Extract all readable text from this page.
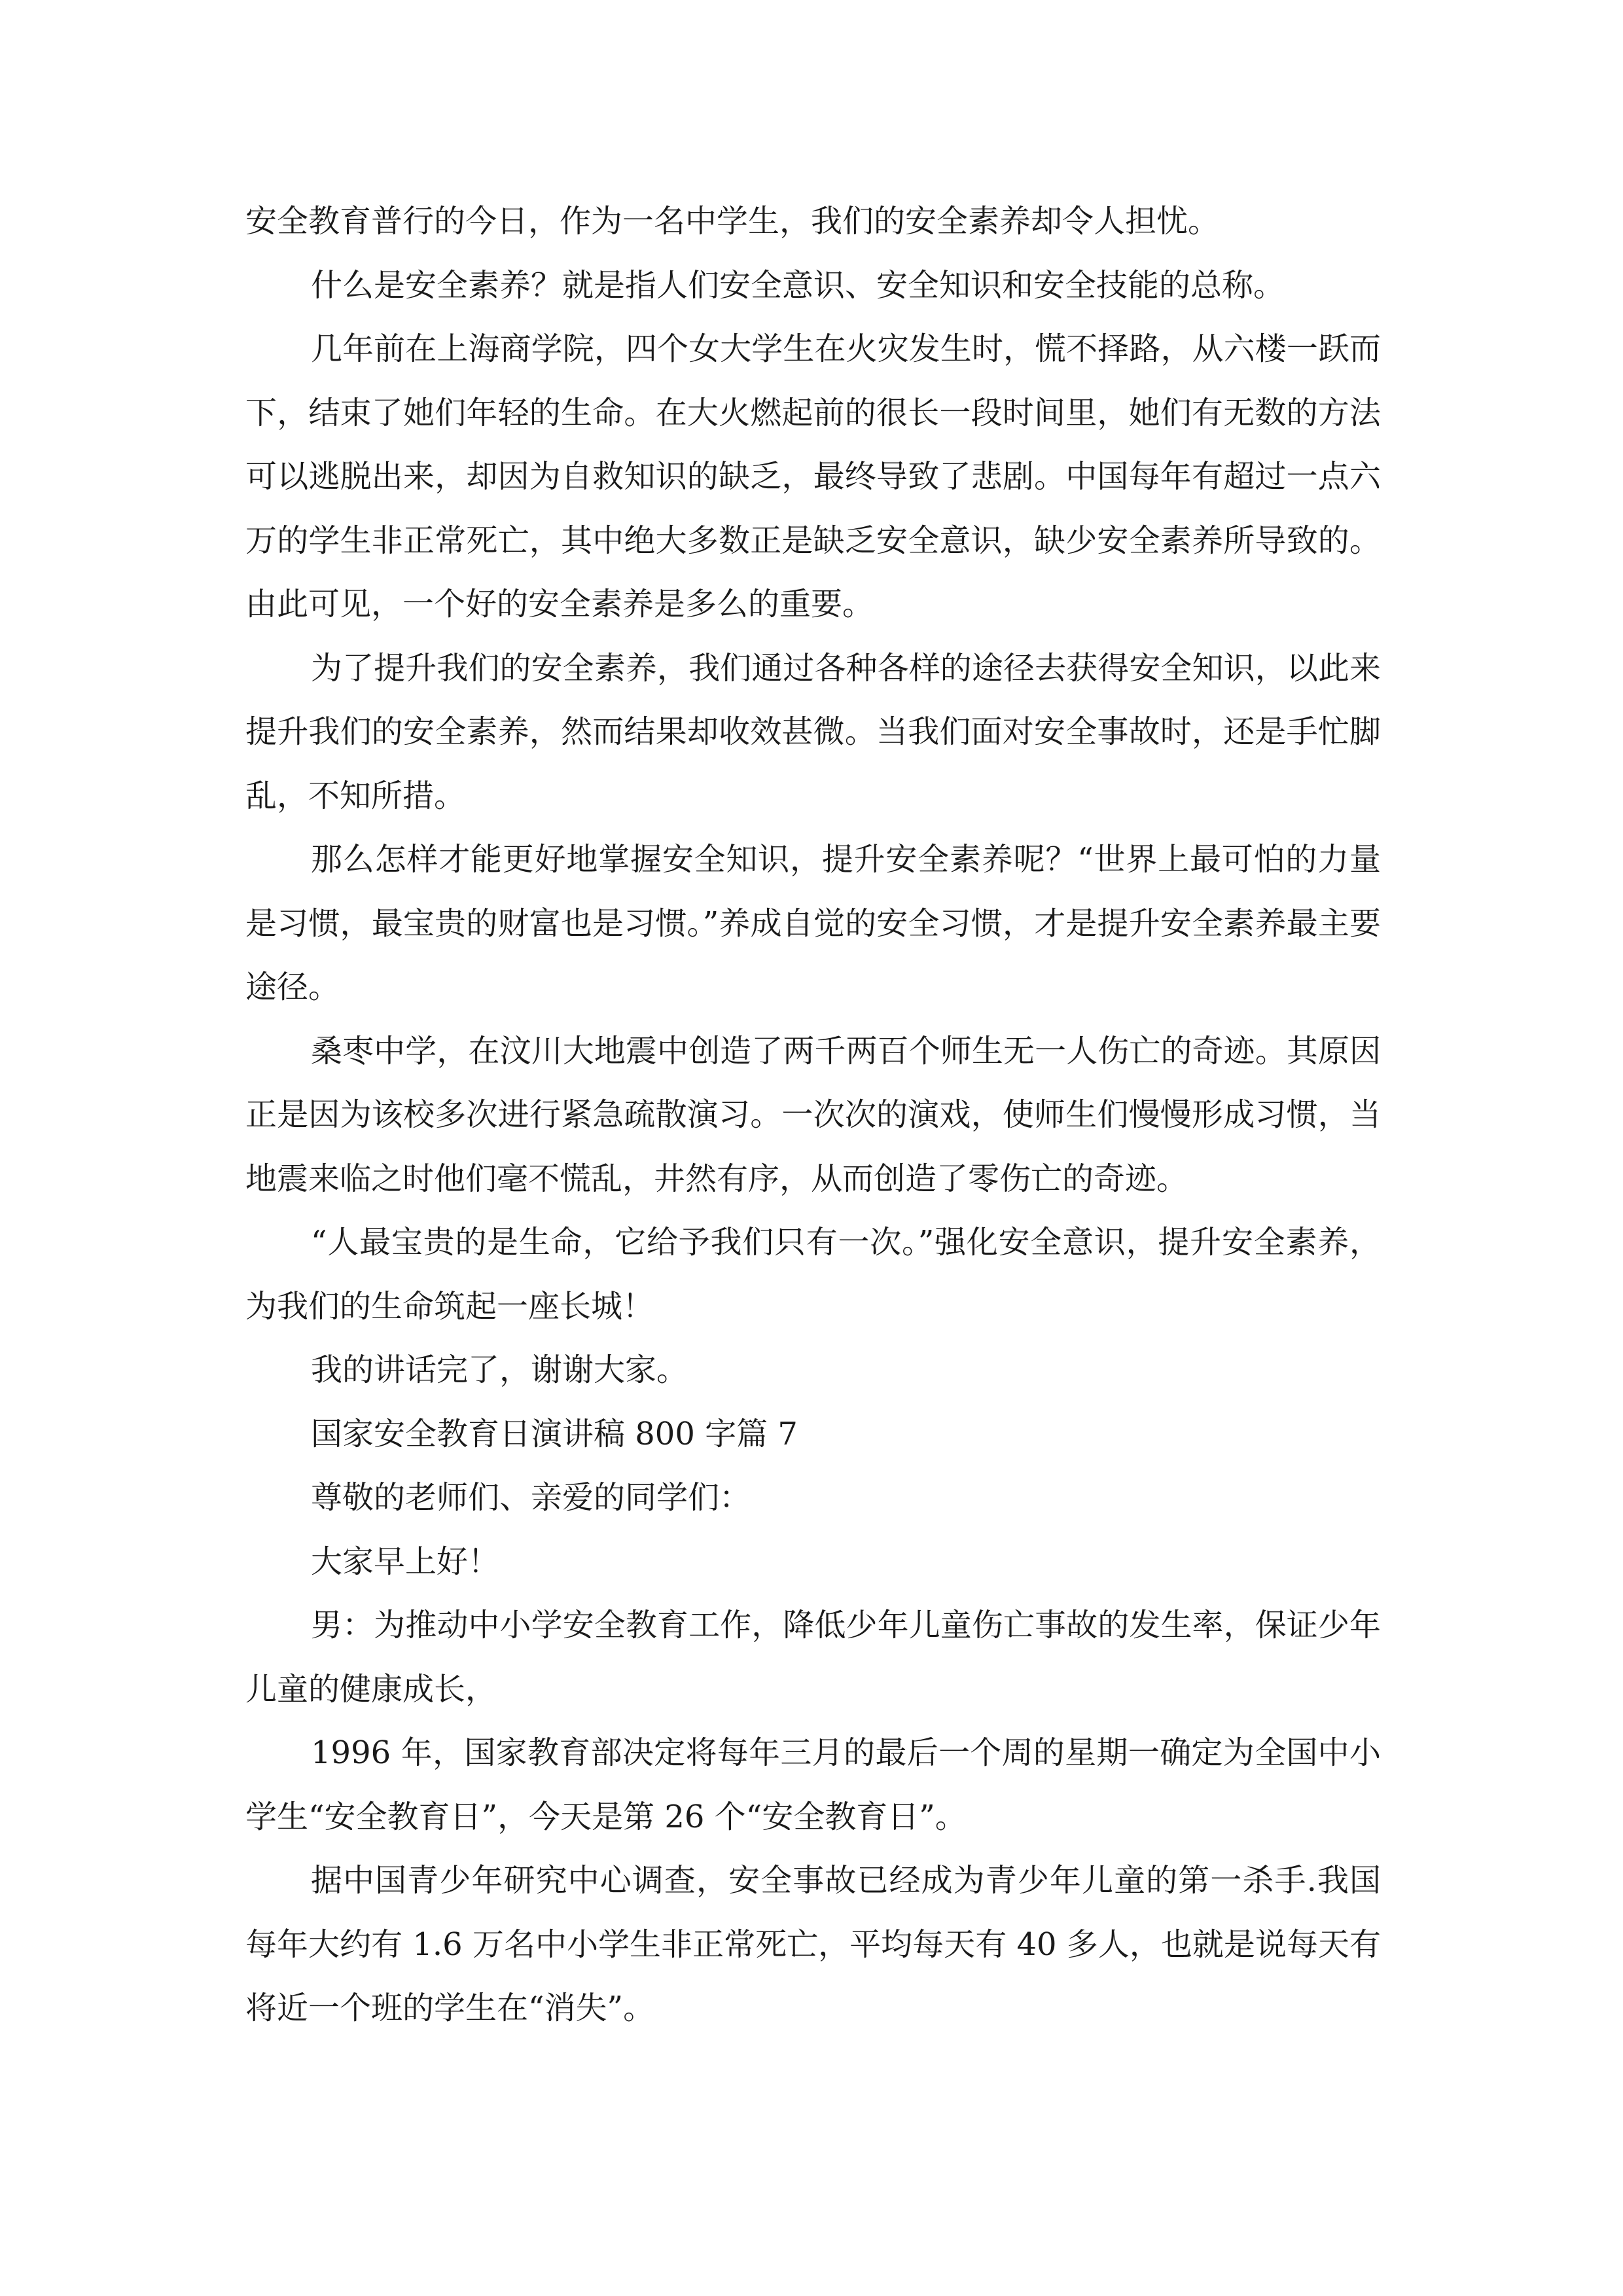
安全教育普行的今日，作为一名中学生，我们的安全素养却令人担忧。

什么是安全素养？就是指人们安全意识、安全知识和安全技能的总称。

几年前在上海商学院，四个女大学生在火灾发生时，慌不择路，从六楼一跃而下，结束了她们年轻的生命。在大火燃起前的很长一段时间里，她们有无数的方法可以逃脱出来，却因为自救知识的缺乏，最终导致了悲剧。中国每年有超过一点六万的学生非正常死亡，其中绝大多数正是缺乏安全意识，缺少安全素养所导致的。由此可见，一个好的安全素养是多么的重要。

为了提升我们的安全素养，我们通过各种各样的途径去获得安全知识，以此来提升我们的安全素养，然而结果却收效甚微。当我们面对安全事故时，还是手忙脚乱，不知所措。

那么怎样才能更好地掌握安全知识，提升安全素养呢？“世界上最可怕的力量是习惯，最宝贵的财富也是习惯。”养成自觉的安全习惯，才是提升安全素养最主要途径。

桑枣中学，在汶川大地震中创造了两千两百个师生无一人伤亡的奇迹。其原因正是因为该校多次进行紧急疏散演习。一次次的演戏，使师生们慢慢形成习惯，当地震来临之时他们毫不慌乱，井然有序，从而创造了零伤亡的奇迹。

“人最宝贵的是生命，它给予我们只有一次。”强化安全意识，提升安全素养，为我们的生命筑起一座长城！

我的讲话完了，谢谢大家。

国家安全教育日演讲稿 800 字篇 7

尊敬的老师们、亲爱的同学们：

大家早上好！

男：为推动中小学安全教育工作，降低少年儿童伤亡事故的发生率，保证少年儿童的健康成长，

1996 年，国家教育部决定将每年三月的最后一个周的星期一确定为全国中小学生“安全教育日”，今天是第 26 个“安全教育日”。

据中国青少年研究中心调查，安全事故已经成为青少年儿童的第一杀手.我国每年大约有 1.6 万名中小学生非正常死亡，平均每天有 40 多人，也就是说每天有将近一个班的学生在“消失”。
